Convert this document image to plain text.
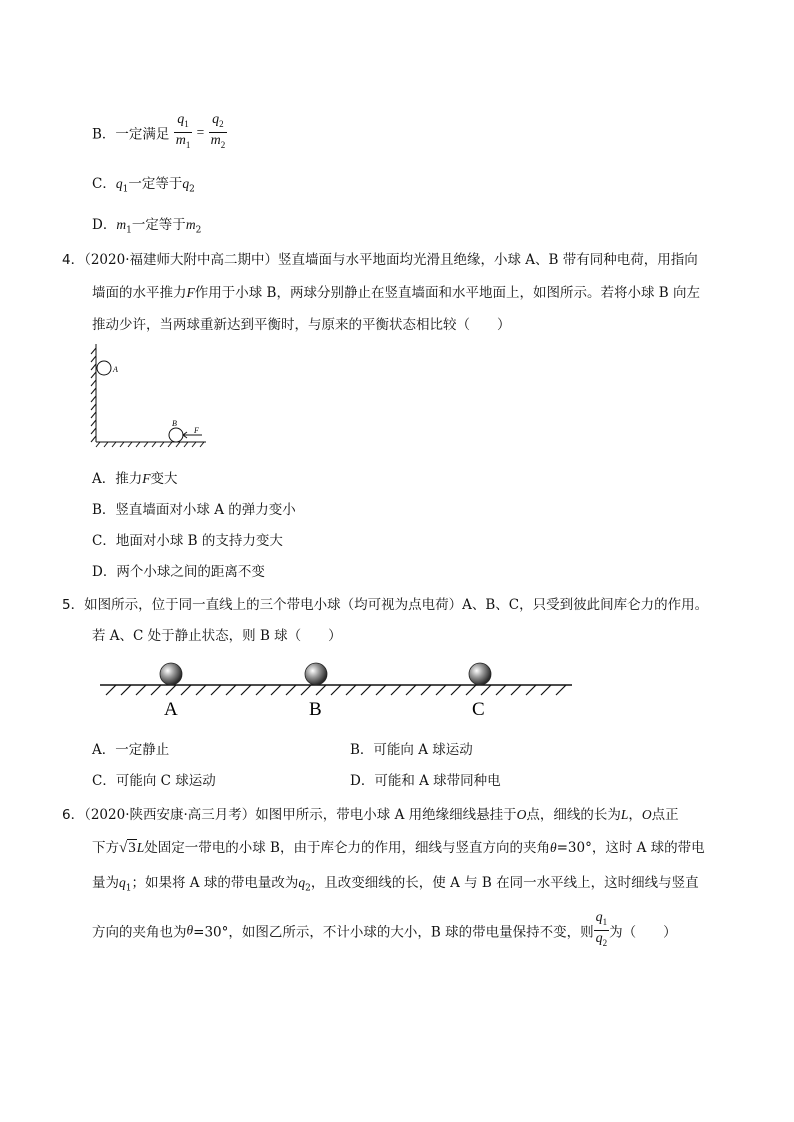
B．一定满足 $\frac{q_1}{m_1} = \frac{q_2}{m_2}$
C．$q_1$一定等于$q_2$
D．$m_1$一定等于$m_2$
4．（2020·福建师大附中高二期中）竖直墙面与水平地面均光滑且绝缘，小球 A、B 带有同种电荷，用指向
墙面的水平推力F作用于小球 B，两球分别静止在竖直墙面和水平地面上，如图所示。若将小球 B 向左
推动少许，当两球重新达到平衡时，与原来的平衡状态相比较（　　）
A
B
F
A．推力F变大
B．竖直墙面对小球 A 的弹力变小
C．地面对小球 B 的支持力变大
D．两个小球之间的距离不变
5．如图所示，位于同一直线上的三个带电小球（均可视为点电荷）A、B、C，只受到彼此间库仑力的作用。
若 A、C 处于静止状态，则 B 球（　　）
A	B	C
A．一定静止	B．可能向 A 球运动
C．可能向 C 球运动	D．可能和 A 球带同种电
6．（2020·陕西安康·高三月考）如图甲所示，带电小球 A 用绝缘细线悬挂于O点，细线的长为L，O点正
下方√3L处固定一带电的小球 B，由于库仑力的作用，细线与竖直方向的夹角θ=30°，这时 A 球的带电
量为$q_1$；如果将 A 球的带电量改为$q_2$，且改变细线的长，使 A 与 B 在同一水平线上，这时细线与竖直
方向的夹角也为θ=30°，如图乙所示，不计小球的大小，B 球的带电量保持不变，则 $\frac{q_1}{q_2}$ 为（　　）
